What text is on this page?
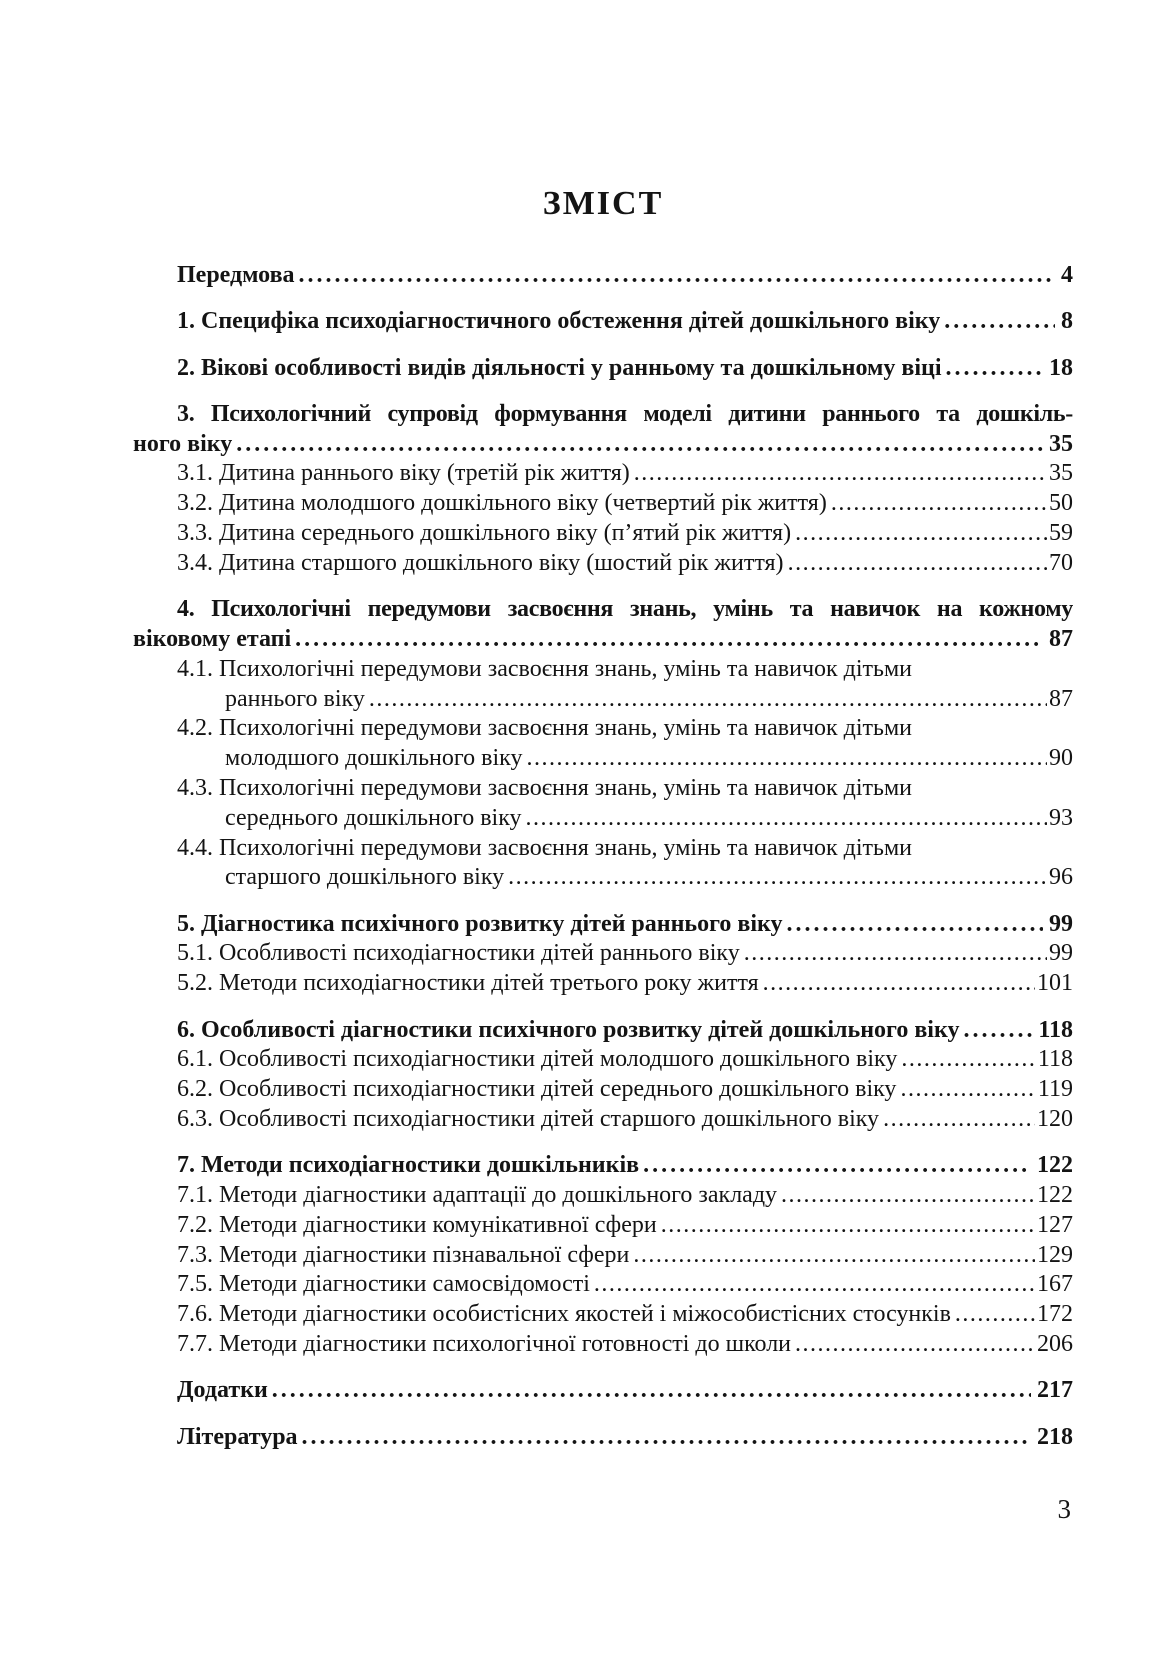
ЗМІСТ
Передмова .....	4
1. Специфіка психодіагностичного обстеження дітей дошкільного віку .....	8
2. Вікові особливості видів діяльності у ранньому та дошкільному віці .....	18
3. Психологічний супровід формування моделі дитини раннього та дошкіль-
ного віку .....	35
3.1. Дитина раннього віку (третій рік життя) .....	35
3.2. Дитина молодшого дошкільного віку (четвертий рік життя) .....	50
3.3. Дитина середнього дошкільного віку (п’ятий рік життя) .....	59
3.4. Дитина старшого дошкільного віку (шостий рік життя) .....	70
4. Психологічні передумови засвоєння знань, умінь та навичок на кожному
віковому етапі .....	87
4.1. Психологічні передумови засвоєння знань, умінь та навичок дітьми
раннього віку .....	87
4.2. Психологічні передумови засвоєння знань, умінь та навичок дітьми
молодшого дошкільного віку .....	90
4.3. Психологічні передумови засвоєння знань, умінь та навичок дітьми
середнього дошкільного віку .....	93
4.4. Психологічні передумови засвоєння знань, умінь та навичок дітьми
старшого дошкільного віку .....	96
5. Діагностика психічного розвитку дітей раннього віку .....	99
5.1. Особливості психодіагностики дітей раннього віку .....	99
5.2. Методи психодіагностики дітей третього року життя .....	101
6. Особливості діагностики психічного розвитку дітей дошкільного віку .....	118
6.1. Особливості психодіагностики дітей молодшого дошкільного віку .....	118
6.2. Особливості психодіагностики дітей середнього дошкільного віку .....	119
6.3. Особливості психодіагностики дітей старшого дошкільного віку .....	120
7. Методи психодіагностики дошкільників .....	122
7.1. Методи діагностики адаптації до дошкільного закладу .....	122
7.2. Методи діагностики комунікативної сфери .....	127
7.3. Методи діагностики пізнавальної сфери .....	129
7.5. Методи діагностики самосвідомості .....	167
7.6. Методи діагностики особистісних якостей і міжособистісних стосунків .....	172
7.7. Методи діагностики психологічної готовності до школи .....	206
Додатки .....	217
Література .....	218
3
